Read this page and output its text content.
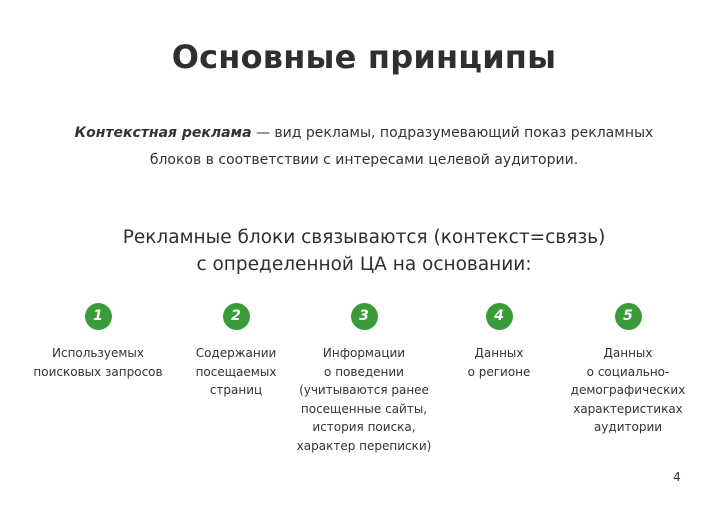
Основные принципы
Контекстная реклама — вид рекламы, подразумевающий показ рекламных блоков в соответствии с интересами целевой аудитории.
Рекламные блоки связываются (контекст=связь)
с определенной ЦА на основании:
1
Используемых
поисковых запросов
2
Содержании
посещаемых
страниц
3
Информации
о поведении
(учитываются ранее
посещенные сайты,
история поиска,
характер переписки)
4
Данных
о регионе
5
Данных
о социально-
демографических
характеристиках
аудитории
4
